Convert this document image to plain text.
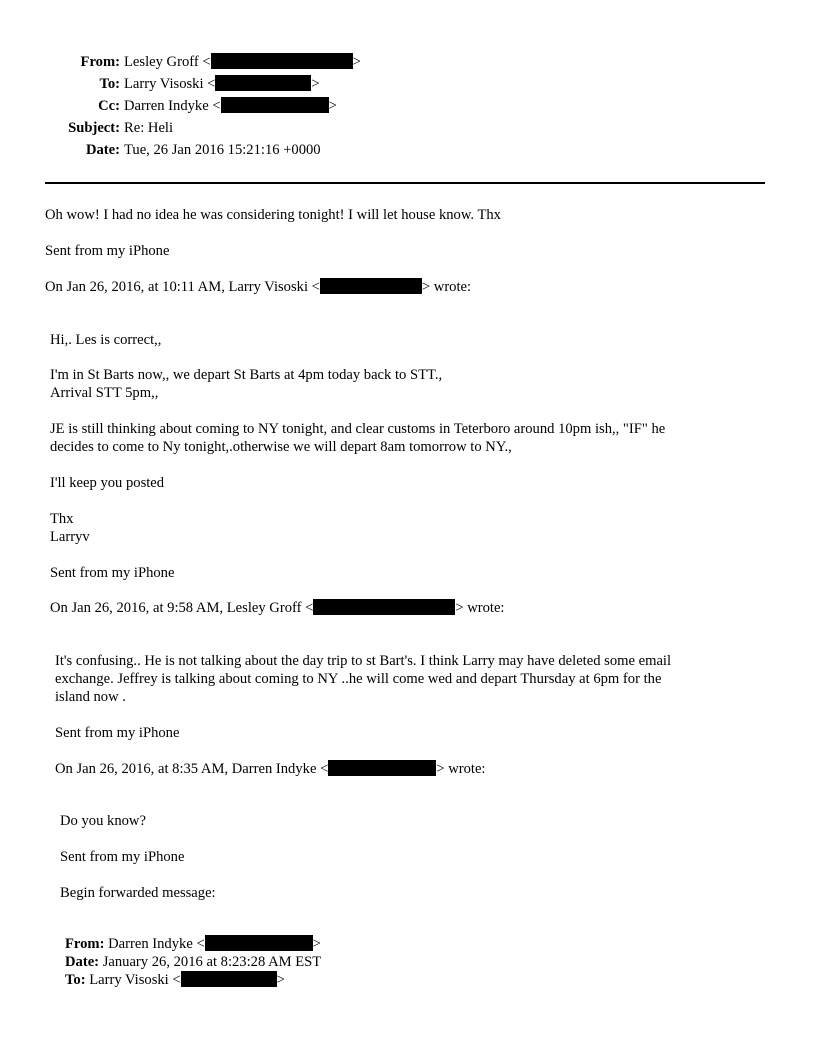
From: Lesley Groff <	>
To: Larry Visoski <	>
Cc: Darren Indyke <	>
Subject: Re: Heli
Date: Tue, 26 Jan 2016 15:21:16 +0000
Oh wow! I had no idea he was considering tonight! I will let house know. Thx
Sent from my iPhone
On Jan 26, 2016, at 10:11 AM, Larry Visoski <	> wrote:
Hi,. Les is correct,,
I'm in St Barts now,, we depart St Barts at 4pm today back to STT.,
Arrival STT 5pm,,
JE is still thinking about coming to NY tonight, and clear customs in Teterboro around 10pm ish,, "IF" he
decides to come to Ny tonight,.otherwise we will depart 8am tomorrow to NY.,
I'll keep you posted
Thx
Larryv
Sent from my iPhone
On Jan 26, 2016, at 9:58 AM, Lesley Groff <	> wrote:
It's confusing.. He is not talking about the day trip to st Bart's. I think Larry may have deleted some email
exchange. Jeffrey is talking about coming to NY ..he will come wed and depart Thursday at 6pm for the
island now .
Sent from my iPhone
On Jan 26, 2016, at 8:35 AM, Darren Indyke <	> wrote:
Do you know?
Sent from my iPhone
Begin forwarded message:
From: Darren Indyke <	>
Date: January 26, 2016 at 8:23:28 AM EST
To: Larry Visoski <	>
